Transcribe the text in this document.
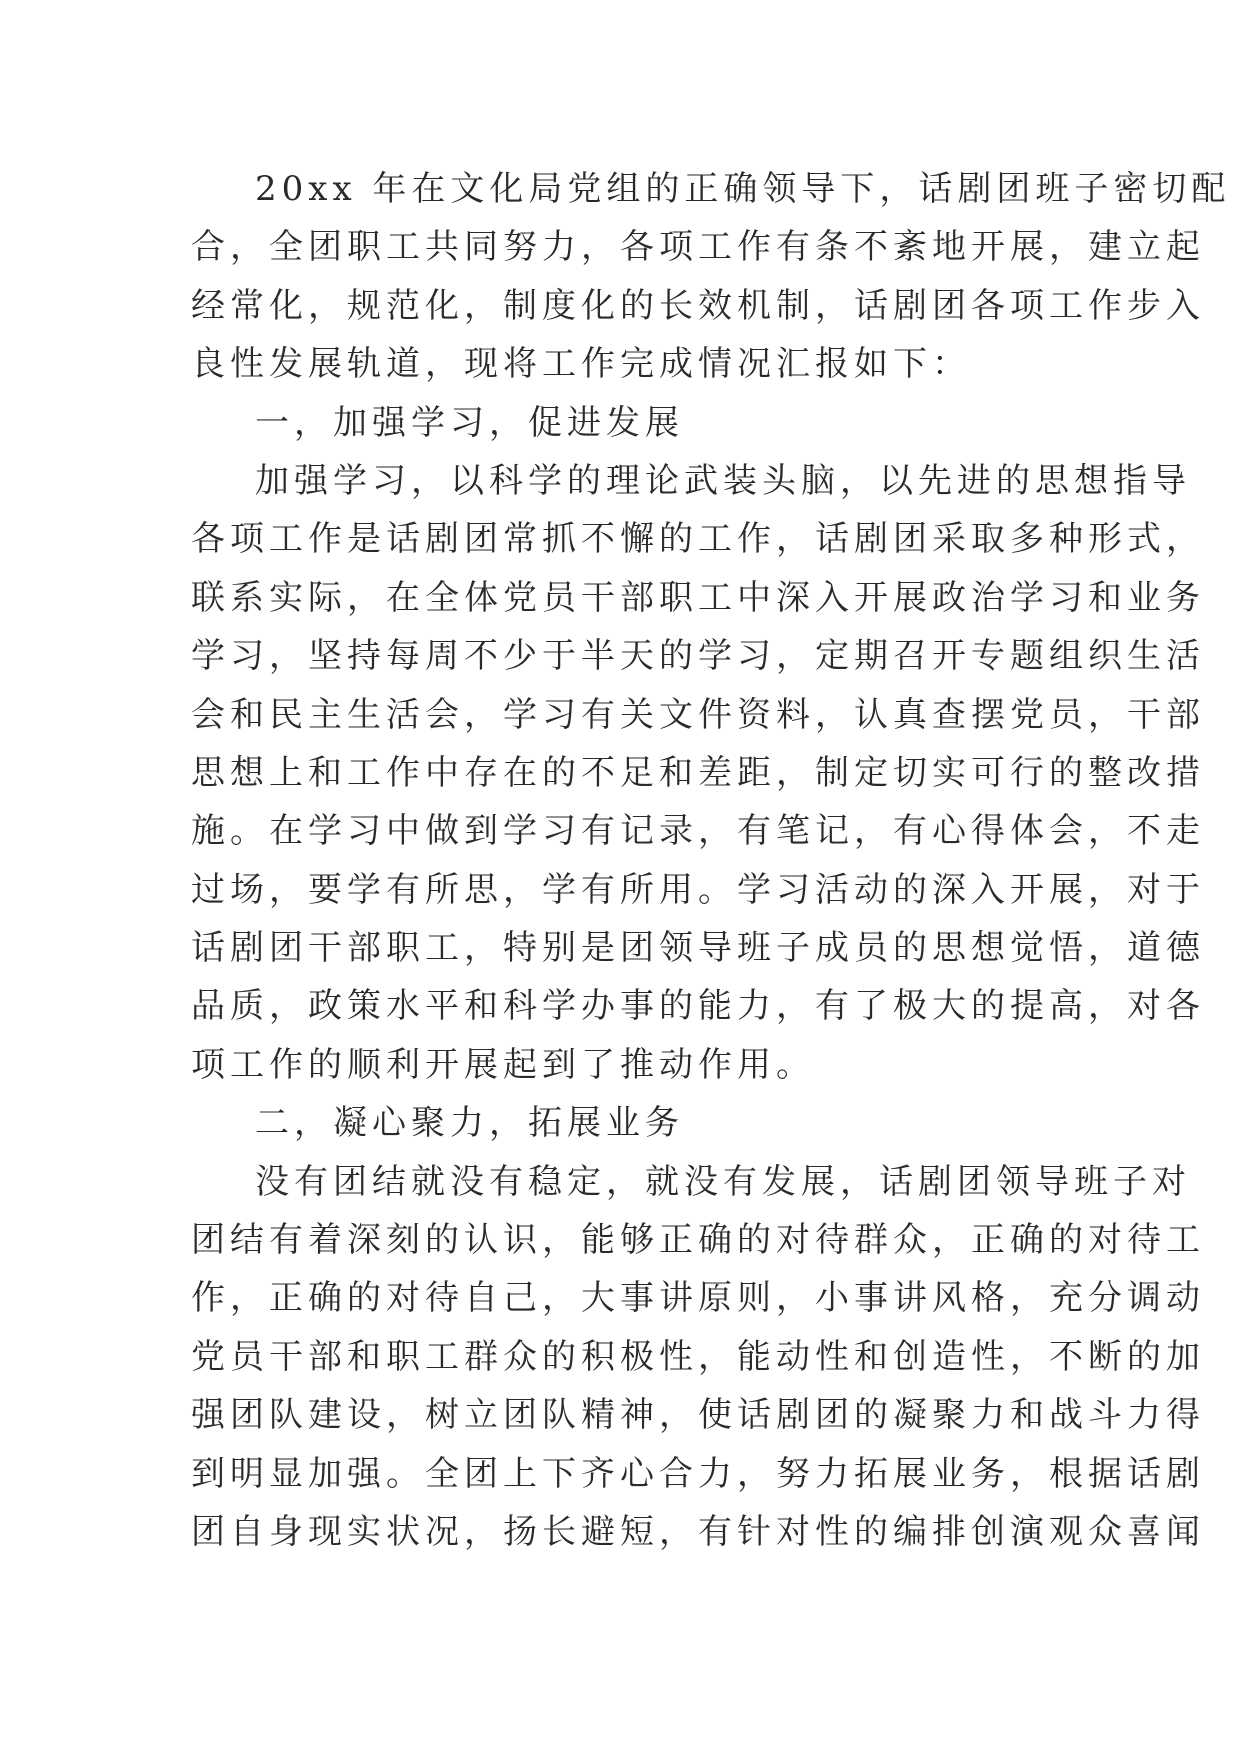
20xx 年在文化局党组的正确领导下，话剧团班子密切配
合，全团职工共同努力，各项工作有条不紊地开展，建立起
经常化，规范化，制度化的长效机制，话剧团各项工作步入
良性发展轨道，现将工作完成情况汇报如下：
一，加强学习，促进发展
加强学习，以科学的理论武装头脑，以先进的思想指导
各项工作是话剧团常抓不懈的工作，话剧团采取多种形式，
联系实际，在全体党员干部职工中深入开展政治学习和业务
学习，坚持每周不少于半天的学习，定期召开专题组织生活
会和民主生活会，学习有关文件资料，认真查摆党员，干部
思想上和工作中存在的不足和差距，制定切实可行的整改措
施。在学习中做到学习有记录，有笔记，有心得体会，不走
过场，要学有所思，学有所用。学习活动的深入开展，对于
话剧团干部职工，特别是团领导班子成员的思想觉悟，道德
品质，政策水平和科学办事的能力，有了极大的提高，对各
项工作的顺利开展起到了推动作用。
二，凝心聚力，拓展业务
没有团结就没有稳定，就没有发展，话剧团领导班子对
团结有着深刻的认识，能够正确的对待群众，正确的对待工
作，正确的对待自己，大事讲原则，小事讲风格，充分调动
党员干部和职工群众的积极性，能动性和创造性，不断的加
强团队建设，树立团队精神，使话剧团的凝聚力和战斗力得
到明显加强。全团上下齐心合力，努力拓展业务，根据话剧
团自身现实状况，扬长避短，有针对性的编排创演观众喜闻
